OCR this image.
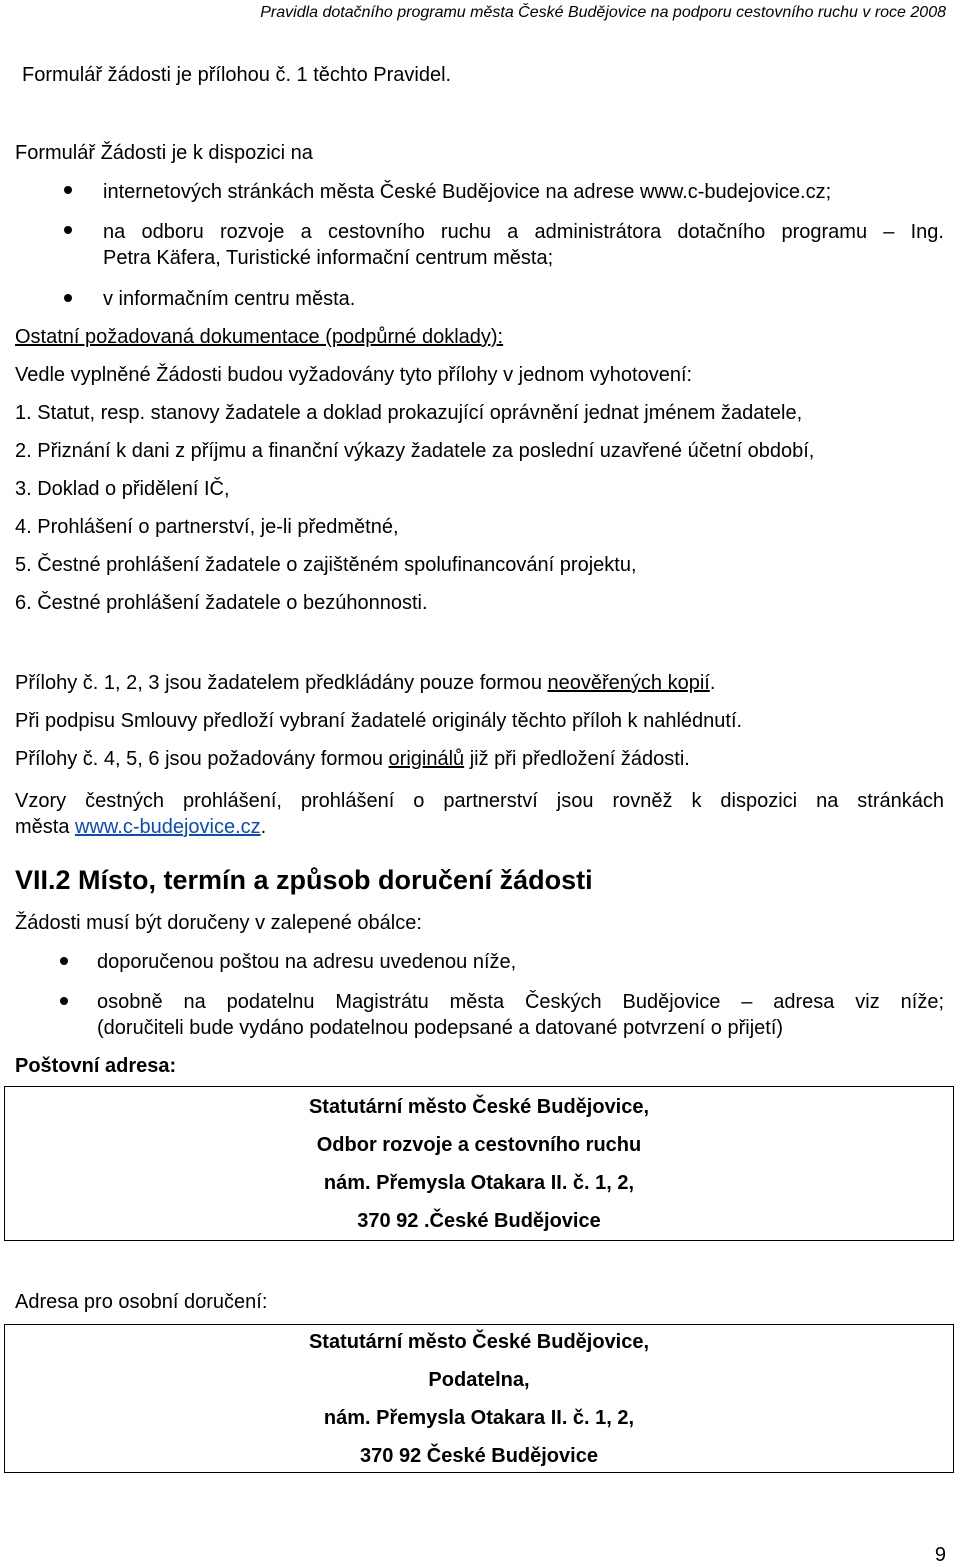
Pravidla dotačního programu města České Budějovice na podporu cestovního ruchu v roce 2008
Formulář žádosti je přílohou č. 1 těchto Pravidel.
Formulář Žádosti je k dispozici na
internetových stránkách města České Budějovice na adrese www.c-budejovice.cz;
na odboru rozvoje a cestovního ruchu a administrátora dotačního programu – Ing.
Petra Käfera, Turistické informační centrum města;
v informačním centru města.
Ostatní požadovaná dokumentace (podpůrné doklady):
Vedle vyplněné Žádosti budou vyžadovány tyto přílohy v jednom vyhotovení:
1. Statut, resp. stanovy žadatele a doklad prokazující oprávnění jednat jménem žadatele,
2. Přiznání k dani z příjmu a finanční výkazy žadatele za poslední uzavřené účetní období,
3. Doklad o přidělení IČ,
4. Prohlášení o partnerství, je-li předmětné,
5. Čestné prohlášení žadatele o zajištěném spolufinancování projektu,
6. Čestné prohlášení žadatele o bezúhonnosti.
Přílohy č. 1, 2, 3 jsou žadatelem předkládány pouze formou neověřených kopií.
Při podpisu Smlouvy předloží vybraní žadatelé originály těchto příloh k nahlédnutí.
Přílohy č. 4, 5, 6 jsou požadovány formou originálů již při předložení žádosti.
Vzory čestných prohlášení, prohlášení o partnerství jsou rovněž k dispozici na stránkách
města www.c-budejovice.cz.
VII.2 Místo, termín a způsob doručení žádosti
Žádosti musí být doručeny v zalepené obálce:
doporučenou poštou na adresu uvedenou níže,
osobně na podatelnu Magistrátu města Českých Budějovice – adresa viz níže;
(doručiteli bude vydáno podatelnou podepsané a datované potvrzení o přijetí)
Poštovní adresa:
Statutární město České Budějovice,
Odbor rozvoje a cestovního ruchu
nám. Přemysla Otakara II. č. 1, 2,
370 92 .České Budějovice
Adresa pro osobní doručení:
Statutární město České Budějovice,
Podatelna,
nám. Přemysla Otakara II. č. 1, 2,
370 92 České Budějovice
9
